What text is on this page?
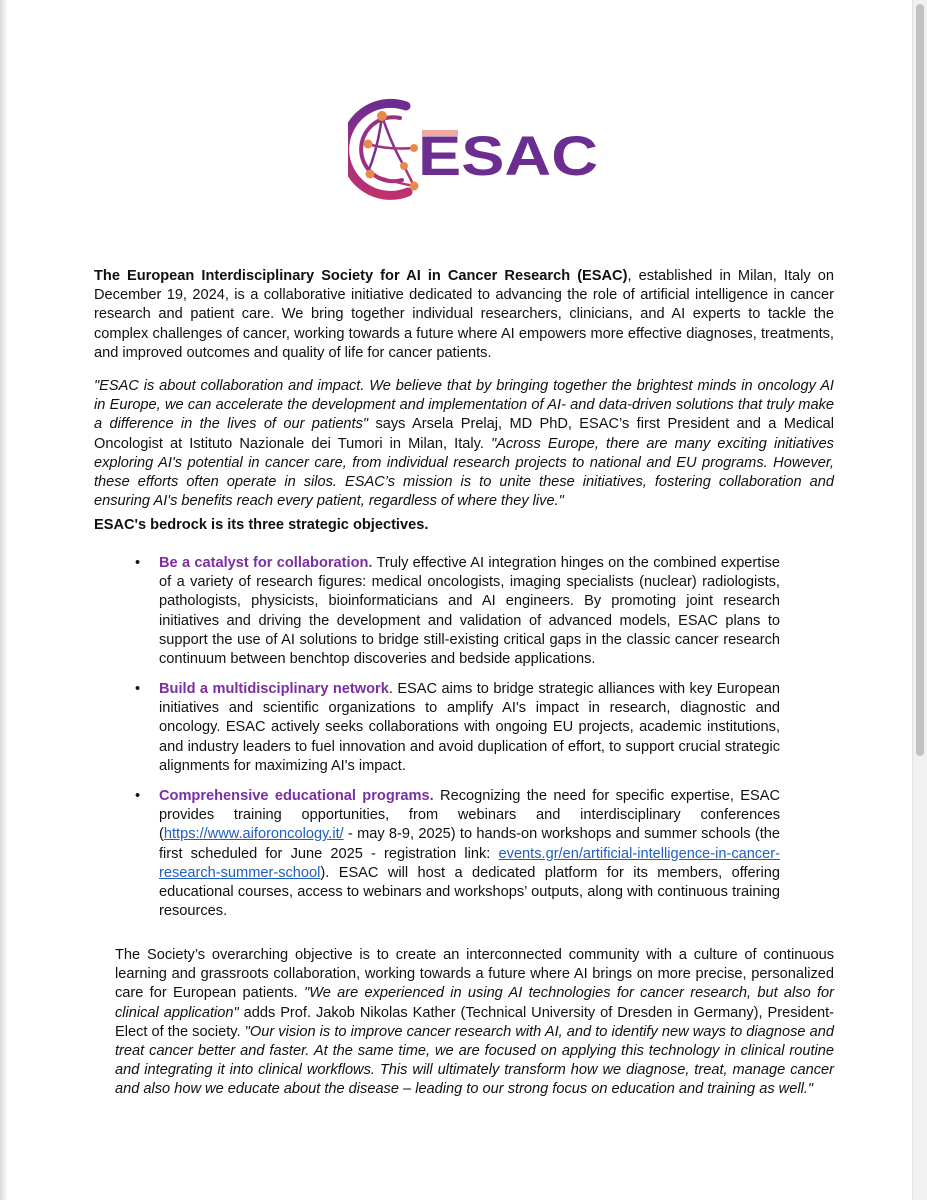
ESAC

The European Interdisciplinary Society for AI in Cancer Research (ESAC), established in Milan, Italy on December 19, 2024, is a collaborative initiative dedicated to advancing the role of artificial intelligence in cancer research and patient care. We bring together individual researchers, clinicians, and AI experts to tackle the complex challenges of cancer, working towards a future where AI empowers more effective diagnoses, treatments, and improved outcomes and quality of life for cancer patients.

"ESAC is about collaboration and impact. We believe that by bringing together the brightest minds in oncology AI in Europe, we can accelerate the development and implementation of AI- and data-driven solutions that truly make a difference in the lives of our patients" says Arsela Prelaj, MD PhD, ESAC’s first President and a Medical Oncologist at Istituto Nazionale dei Tumori in Milan, Italy. "Across Europe, there are many exciting initiatives exploring AI's potential in cancer care, from individual research projects to national and EU programs. However, these efforts often operate in silos. ESAC’s mission is to unite these initiatives, fostering collaboration and ensuring AI's benefits reach every patient, regardless of where they live."

ESAC's bedrock is its three strategic objectives.

• Be a catalyst for collaboration. Truly effective AI integration hinges on the combined expertise of a variety of research figures: medical oncologists, imaging specialists (nuclear) radiologists, pathologists, physicists, bioinformaticians and AI engineers. By promoting joint research initiatives and driving the development and validation of advanced models, ESAC plans to support the use of AI solutions to bridge still-existing critical gaps in the classic cancer research continuum between benchtop discoveries and bedside applications.

• Build a multidisciplinary network. ESAC aims to bridge strategic alliances with key European initiatives and scientific organizations to amplify AI's impact in research, diagnostic and oncology. ESAC actively seeks collaborations with ongoing EU projects, academic institutions, and industry leaders to fuel innovation and avoid duplication of effort, to support crucial strategic alignments for maximizing AI's impact.

• Comprehensive educational programs. Recognizing the need for specific expertise, ESAC provides training opportunities, from webinars and interdisciplinary conferences (https://www.aiforoncology.it/ - may 8-9, 2025) to hands-on workshops and summer schools (the first scheduled for June 2025 - registration link: events.gr/en/artificial-intelligence-in-cancer-research-summer-school). ESAC will host a dedicated platform for its members, offering educational courses, access to webinars and workshops’ outputs, along with continuous training resources.

The Society’s overarching objective is to create an interconnected community with a culture of continuous learning and grassroots collaboration, working towards a future where AI brings on more precise, personalized care for European patients. "We are experienced in using AI technologies for cancer research, but also for clinical application" adds Prof. Jakob Nikolas Kather (Technical University of Dresden in Germany), President-Elect of the society. "Our vision is to improve cancer research with AI, and to identify new ways to diagnose and treat cancer better and faster. At the same time, we are focused on applying this technology in clinical routine and integrating it into clinical workflows. This will ultimately transform how we diagnose, treat, manage cancer and also how we educate about the disease – leading to our strong focus on education and training as well."
